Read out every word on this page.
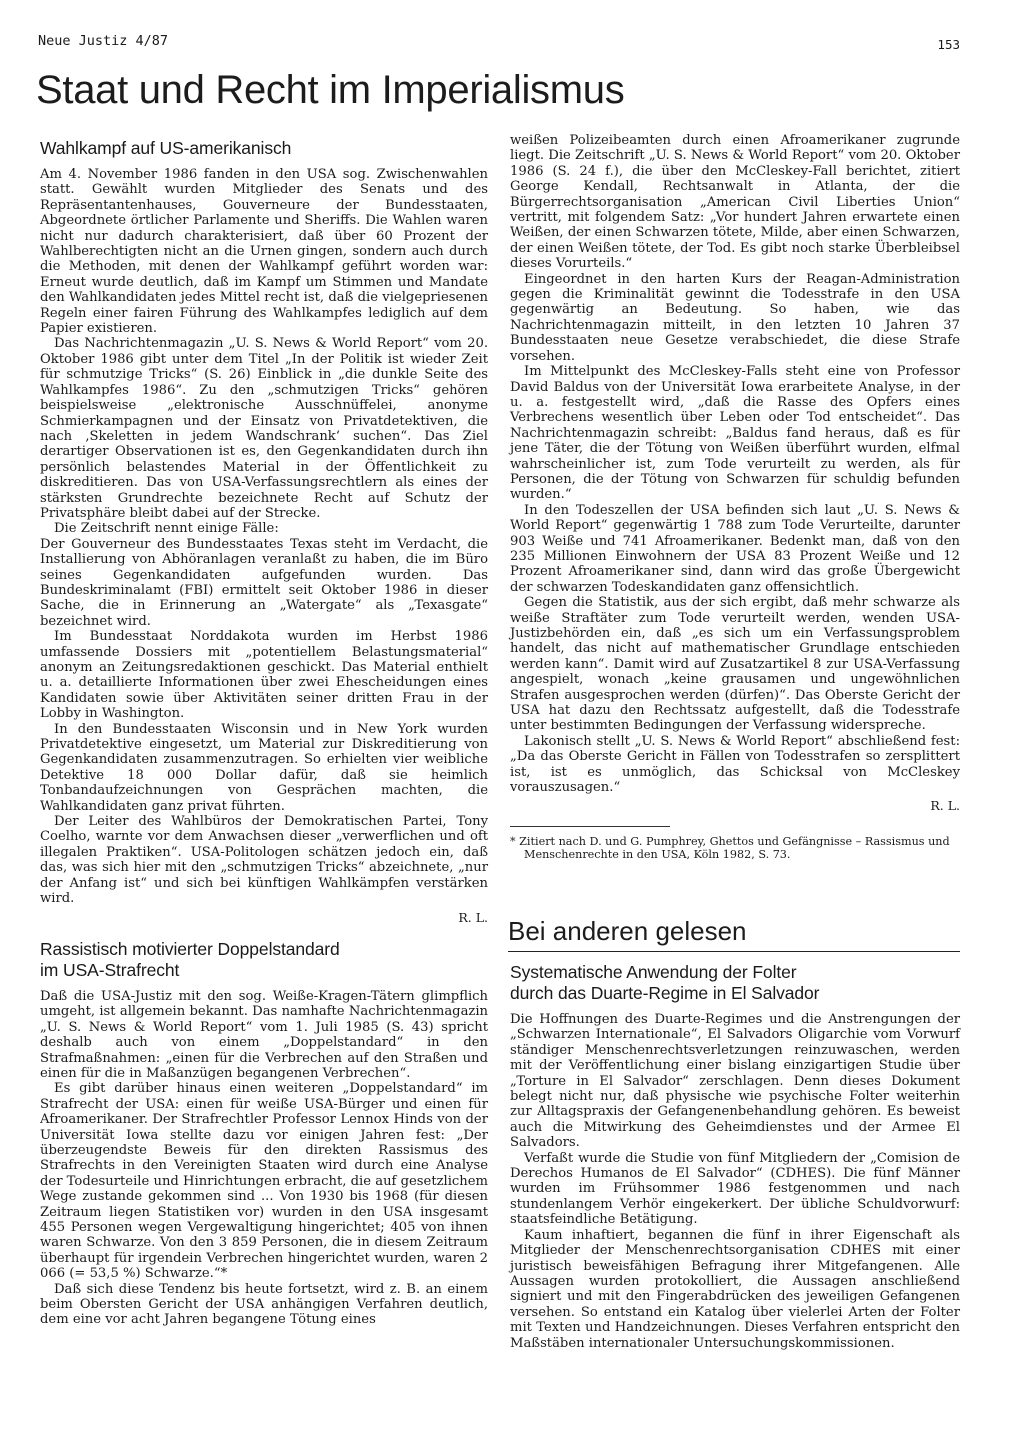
Neue Justiz 4/87	153
Staat und Recht im Imperialismus
Wahlkampf auf US-amerikanisch

Am 4. November 1986 fanden in den USA sog. Zwischenwahlen statt. Gewählt wurden Mitglieder des Senats und des Repräsentantenhauses, Gouverneure der Bundesstaaten, Abgeordnete örtlicher Parlamente und Sheriffs. Die Wahlen waren nicht nur dadurch charakterisiert, daß über 60 Prozent der Wahlberechtigten nicht an die Urnen gingen, sondern auch durch die Methoden, mit denen der Wahlkampf geführt worden war: Erneut wurde deutlich, daß im Kampf um Stimmen und Mandate den Wahlkandidaten jedes Mittel recht ist, daß die vielgepriesenen Regeln einer fairen Führung des Wahlkampfes lediglich auf dem Papier existieren.

Das Nachrichtenmagazin „U. S. News & World Report“ vom 20. Oktober 1986 gibt unter dem Titel „In der Politik ist wieder Zeit für schmutzige Tricks“ (S. 26) Einblick in „die dunkle Seite des Wahlkampfes 1986“. Zu den „schmutzigen Tricks“ gehören beispielsweise „elektronische Ausschnüffelei, anonyme Schmierkampagnen und der Einsatz von Privatdetektiven, die nach ‚Skeletten in jedem Wandschrank‘ suchen“. Das Ziel derartiger Observationen ist es, den Gegenkandidaten durch ihn persönlich belastendes Material in der Öffentlichkeit zu diskreditieren. Das von USA-Verfassungsrechtlern als eines der stärksten Grundrechte bezeichnete Recht auf Schutz der Privatsphäre bleibt dabei auf der Strecke.

Die Zeitschrift nennt einige Fälle:

Der Gouverneur des Bundesstaates Texas steht im Verdacht, die Installierung von Abhöranlagen veranlaßt zu haben, die im Büro seines Gegenkandidaten aufgefunden wurden. Das Bundeskriminalamt (FBI) ermittelt seit Oktober 1986 in dieser Sache, die in Erinnerung an „Watergate“ als „Texasgate“ bezeichnet wird.

Im Bundesstaat Norddakota wurden im Herbst 1986 umfassende Dossiers mit „potentiellem Belastungsmaterial“ anonym an Zeitungsredaktionen geschickt. Das Material enthielt u. a. detaillierte Informationen über zwei Ehescheidungen eines Kandidaten sowie über Aktivitäten seiner dritten Frau in der Lobby in Washington.

In den Bundesstaaten Wisconsin und in New York wurden Privatdetektive eingesetzt, um Material zur Diskreditierung von Gegenkandidaten zusammenzutragen. So erhielten vier weibliche Detektive 18 000 Dollar dafür, daß sie heimlich Tonbandaufzeichnungen von Gesprächen machten, die Wahlkandidaten ganz privat führten.

Der Leiter des Wahlbüros der Demokratischen Partei, Tony Coelho, warnte vor dem Anwachsen dieser „verwerflichen und oft illegalen Praktiken“. USA-Politologen schätzen jedoch ein, daß das, was sich hier mit den „schmutzigen Tricks“ abzeichnete, „nur der Anfang ist“ und sich bei künftigen Wahlkämpfen verstärken wird.

R. L.
Rassistisch motivierter Doppelstandard
im USA-Strafrecht

Daß die USA-Justiz mit den sog. Weiße-Kragen-Tätern glimpflich umgeht, ist allgemein bekannt. Das namhafte Nachrichtenmagazin „U. S. News & World Report“ vom 1. Juli 1985 (S. 43) spricht deshalb auch von einem „Doppelstandard“ in den Strafmaßnahmen: „einen für die Verbrechen auf den Straßen und einen für die in Maßanzügen begangenen Verbrechen“.

Es gibt darüber hinaus einen weiteren „Doppelstandard“ im Strafrecht der USA: einen für weiße USA-Bürger und einen für Afroamerikaner. Der Strafrechtler Professor Lennox Hinds von der Universität Iowa stellte dazu vor einigen Jahren fest: „Der überzeugendste Beweis für den direkten Rassismus des Strafrechts in den Vereinigten Staaten wird durch eine Analyse der Todesurteile und Hinrichtungen erbracht, die auf gesetzlichem Wege zustande gekommen sind ... Von 1930 bis 1968 (für diesen Zeitraum liegen Statistiken vor) wurden in den USA insgesamt 455 Personen wegen Vergewaltigung hingerichtet; 405 von ihnen waren Schwarze. Von den 3 859 Personen, die in diesem Zeitraum überhaupt für irgendein Verbrechen hingerichtet wurden, waren 2 066 (= 53,5 %) Schwarze.“*

Daß sich diese Tendenz bis heute fortsetzt, wird z. B. an einem beim Obersten Gericht der USA anhängigen Verfahren deutlich, dem eine vor acht Jahren begangene Tötung eines

weißen Polizeibeamten durch einen Afroamerikaner zugrunde liegt. Die Zeitschrift „U. S. News & World Report“ vom 20. Oktober 1986 (S. 24 f.), die über den McCleskey-Fall berichtet, zitiert George Kendall, Rechtsanwalt in Atlanta, der die Bürgerrechtsorganisation „American Civil Liberties Union“ vertritt, mit folgendem Satz: „Vor hundert Jahren erwartete einen Weißen, der einen Schwarzen tötete, Milde, aber einen Schwarzen, der einen Weißen tötete, der Tod. Es gibt noch starke Überbleibsel dieses Vorurteils.“

Eingeordnet in den harten Kurs der Reagan-Administration gegen die Kriminalität gewinnt die Todesstrafe in den USA gegenwärtig an Bedeutung. So haben, wie das Nachrichtenmagazin mitteilt, in den letzten 10 Jahren 37 Bundesstaaten neue Gesetze verabschiedet, die diese Strafe vorsehen.

Im Mittelpunkt des McCleskey-Falls steht eine von Professor David Baldus von der Universität Iowa erarbeitete Analyse, in der u. a. festgestellt wird, „daß die Rasse des Opfers eines Verbrechens wesentlich über Leben oder Tod entscheidet“. Das Nachrichtenmagazin schreibt: „Baldus fand heraus, daß es für jene Täter, die der Tötung von Weißen überführt wurden, elfmal wahrscheinlicher ist, zum Tode verurteilt zu werden, als für Personen, die der Tötung von Schwarzen für schuldig befunden wurden.“

In den Todeszellen der USA befinden sich laut „U. S. News & World Report“ gegenwärtig 1 788 zum Tode Verurteilte, darunter 903 Weiße und 741 Afroamerikaner. Bedenkt man, daß von den 235 Millionen Einwohnern der USA 83 Prozent Weiße und 12 Prozent Afroamerikaner sind, dann wird das große Übergewicht der schwarzen Todeskandidaten ganz offensichtlich.

Gegen die Statistik, aus der sich ergibt, daß mehr schwarze als weiße Straftäter zum Tode verurteilt werden, wenden USA-Justizbehörden ein, daß „es sich um ein Verfassungsproblem handelt, das nicht auf mathematischer Grundlage entschieden werden kann“. Damit wird auf Zusatzartikel 8 zur USA-Verfassung angespielt, wonach „keine grausamen und ungewöhnlichen Strafen ausgesprochen werden (dürfen)“. Das Oberste Gericht der USA hat dazu den Rechtssatz aufgestellt, daß die Todesstrafe unter bestimmten Bedingungen der Verfassung widerspreche.

Lakonisch stellt „U. S. News & World Report“ abschließend fest: „Da das Oberste Gericht in Fällen von Todesstrafen so zersplittert ist, ist es unmöglich, das Schicksal von McCleskey vorauszusagen.“

R. L.

* Zitiert nach D. und G. Pumphrey, Ghettos und Gefängnisse – Rassismus und Menschenrechte in den USA, Köln 1982, S. 73.

Bei anderen gelesen
Systematische Anwendung der Folter
durch das Duarte-Regime in El Salvador

Die Hoffnungen des Duarte-Regimes und die Anstrengungen der „Schwarzen Internationale“, El Salvadors Oligarchie vom Vorwurf ständiger Menschenrechtsverletzungen reinzuwaschen, werden mit der Veröffentlichung einer bislang einzigartigen Studie über „Torture in El Salvador“ zerschlagen. Denn dieses Dokument belegt nicht nur, daß physische wie psychische Folter weiterhin zur Alltagspraxis der Gefangenenbehandlung gehören. Es beweist auch die Mitwirkung des Geheimdienstes und der Armee El Salvadors.

Verfaßt wurde die Studie von fünf Mitgliedern der „Comision de Derechos Humanos de El Salvador“ (CDHES). Die fünf Männer wurden im Frühsommer 1986 festgenommen und nach stundenlangem Verhör eingekerkert. Der übliche Schuldvorwurf: staatsfeindliche Betätigung.

Kaum inhaftiert, begannen die fünf in ihrer Eigenschaft als Mitglieder der Menschenrechtsorganisation CDHES mit einer juristisch beweisfähigen Befragung ihrer Mitgefangenen. Alle Aussagen wurden protokolliert, die Aussagen anschließend signiert und mit den Fingerabdrücken des jeweiligen Gefangenen versehen. So entstand ein Katalog über vielerlei Arten der Folter mit Texten und Handzeichnungen. Dieses Verfahren entspricht den Maßstäben internationaler Untersuchungskommissionen.
